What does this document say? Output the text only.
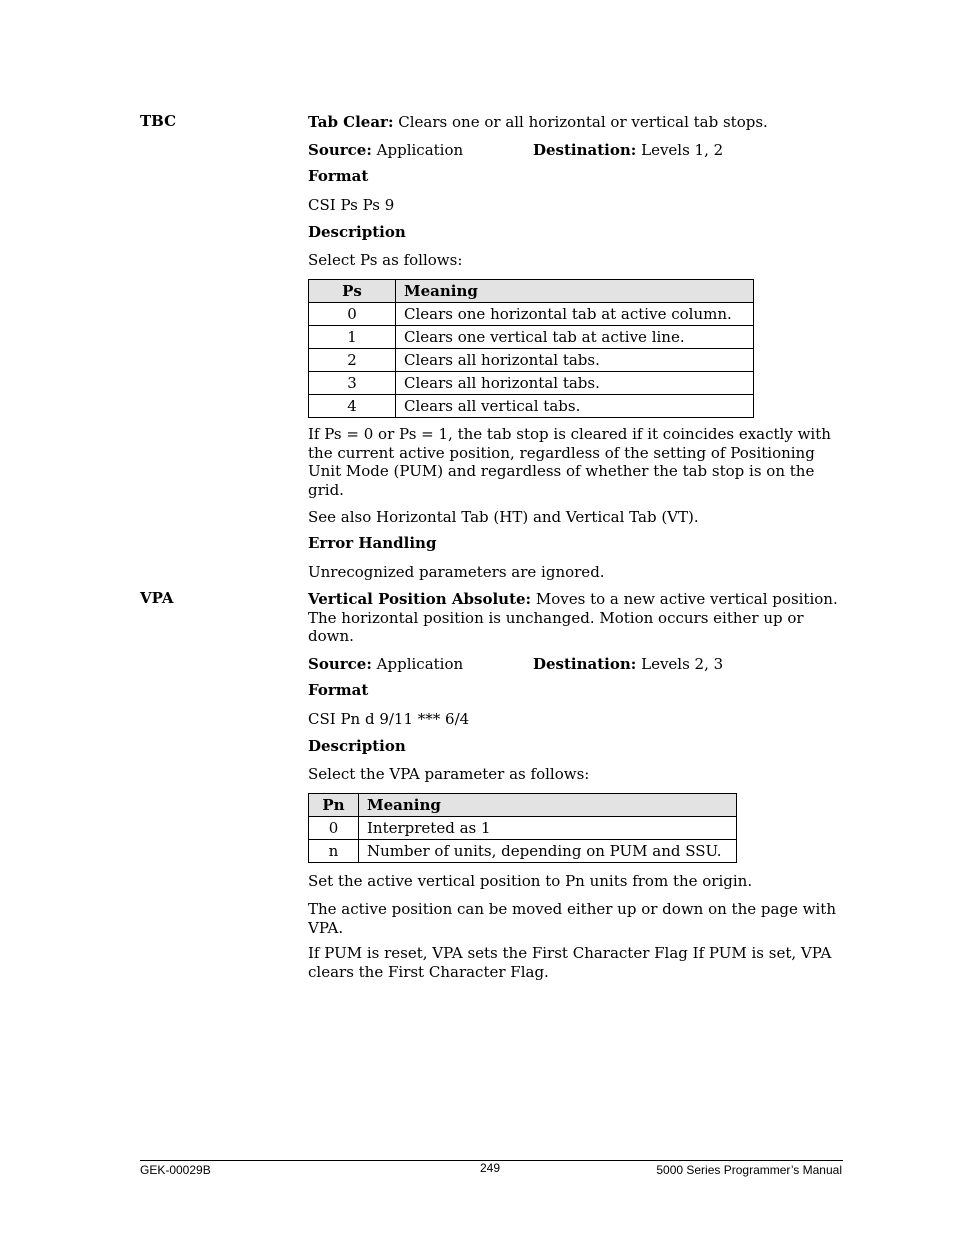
TBC	Tab Clear: Clears one or all horizontal or vertical tab stops.
Source: Application	Destination: Levels 1, 2
Format
CSI Ps Ps 9
Description
Select Ps as follows:
Ps	Meaning
0	Clears one horizontal tab at active column.
1	Clears one vertical tab at active line.
2	Clears all horizontal tabs.
3	Clears all horizontal tabs.
4	Clears all vertical tabs.
If Ps = 0 or Ps = 1, the tab stop is cleared if it coincides exactly with the current active position, regardless of the setting of Positioning Unit Mode (PUM) and regardless of whether the tab stop is on the grid.
See also Horizontal Tab (HT) and Vertical Tab (VT).
Error Handling
Unrecognized parameters are ignored.
VPA	Vertical Position Absolute: Moves to a new active vertical position. The horizontal position is unchanged. Motion occurs either up or down.
Source: Application	Destination: Levels 2, 3
Format
CSI Pn d 9/11 *** 6/4
Description
Select the VPA parameter as follows:
Pn	Meaning
0	Interpreted as 1
n	Number of units, depending on PUM and SSU.
Set the active vertical position to Pn units from the origin.
The active position can be moved either up or down on the page with VPA.
If PUM is reset, VPA sets the First Character Flag If PUM is set, VPA clears the First Character Flag.
GEK-00029B	249	5000 Series Programmer’s Manual
